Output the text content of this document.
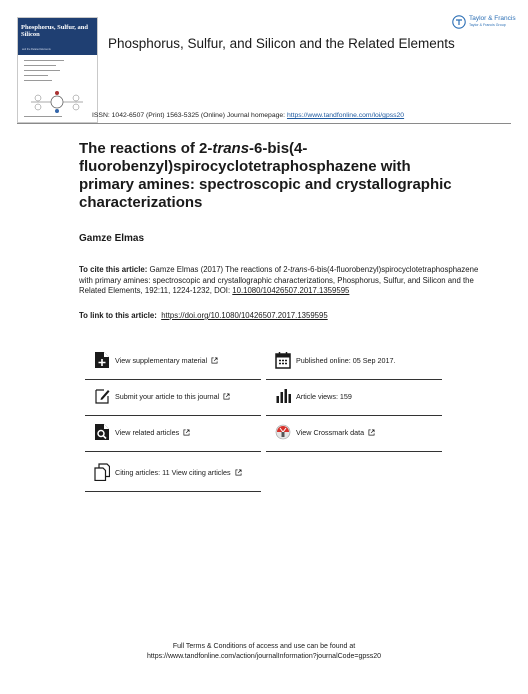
Phosphorus, Sulfur, and Silicon
and the Related Elements	Phosphorus, Sulfur, and Silicon and the Related Elements
Taylor & Francis
Taylor & Francis Group
ISSN: 1042-6507 (Print) 1563-5325 (Online) Journal homepage: https://www.tandfonline.com/loi/gpss20
The reactions of 2-trans-6-bis(4-fluorobenzyl)spirocyclotetraphosphazene with primary amines: spectroscopic and crystallographic characterizations
Gamze Elmas
To cite this article: Gamze Elmas (2017) The reactions of 2-trans-6-bis(4-fluorobenzyl)spirocyclotetraphosphazene with primary amines: spectroscopic and crystallographic characterizations, Phosphorus, Sulfur, and Silicon and the Related Elements, 192:11, 1224-1232, DOI: 10.1080/10426507.2017.1359595
To link to this article: https://doi.org/10.1080/10426507.2017.1359595
View supplementary material	Published online: 05 Sep 2017.
Submit your article to this journal	Article views: 159
View related articles	View Crossmark data
Citing articles: 11 View citing articles
Full Terms & Conditions of access and use can be found at
https://www.tandfonline.com/action/journalInformation?journalCode=gpss20
